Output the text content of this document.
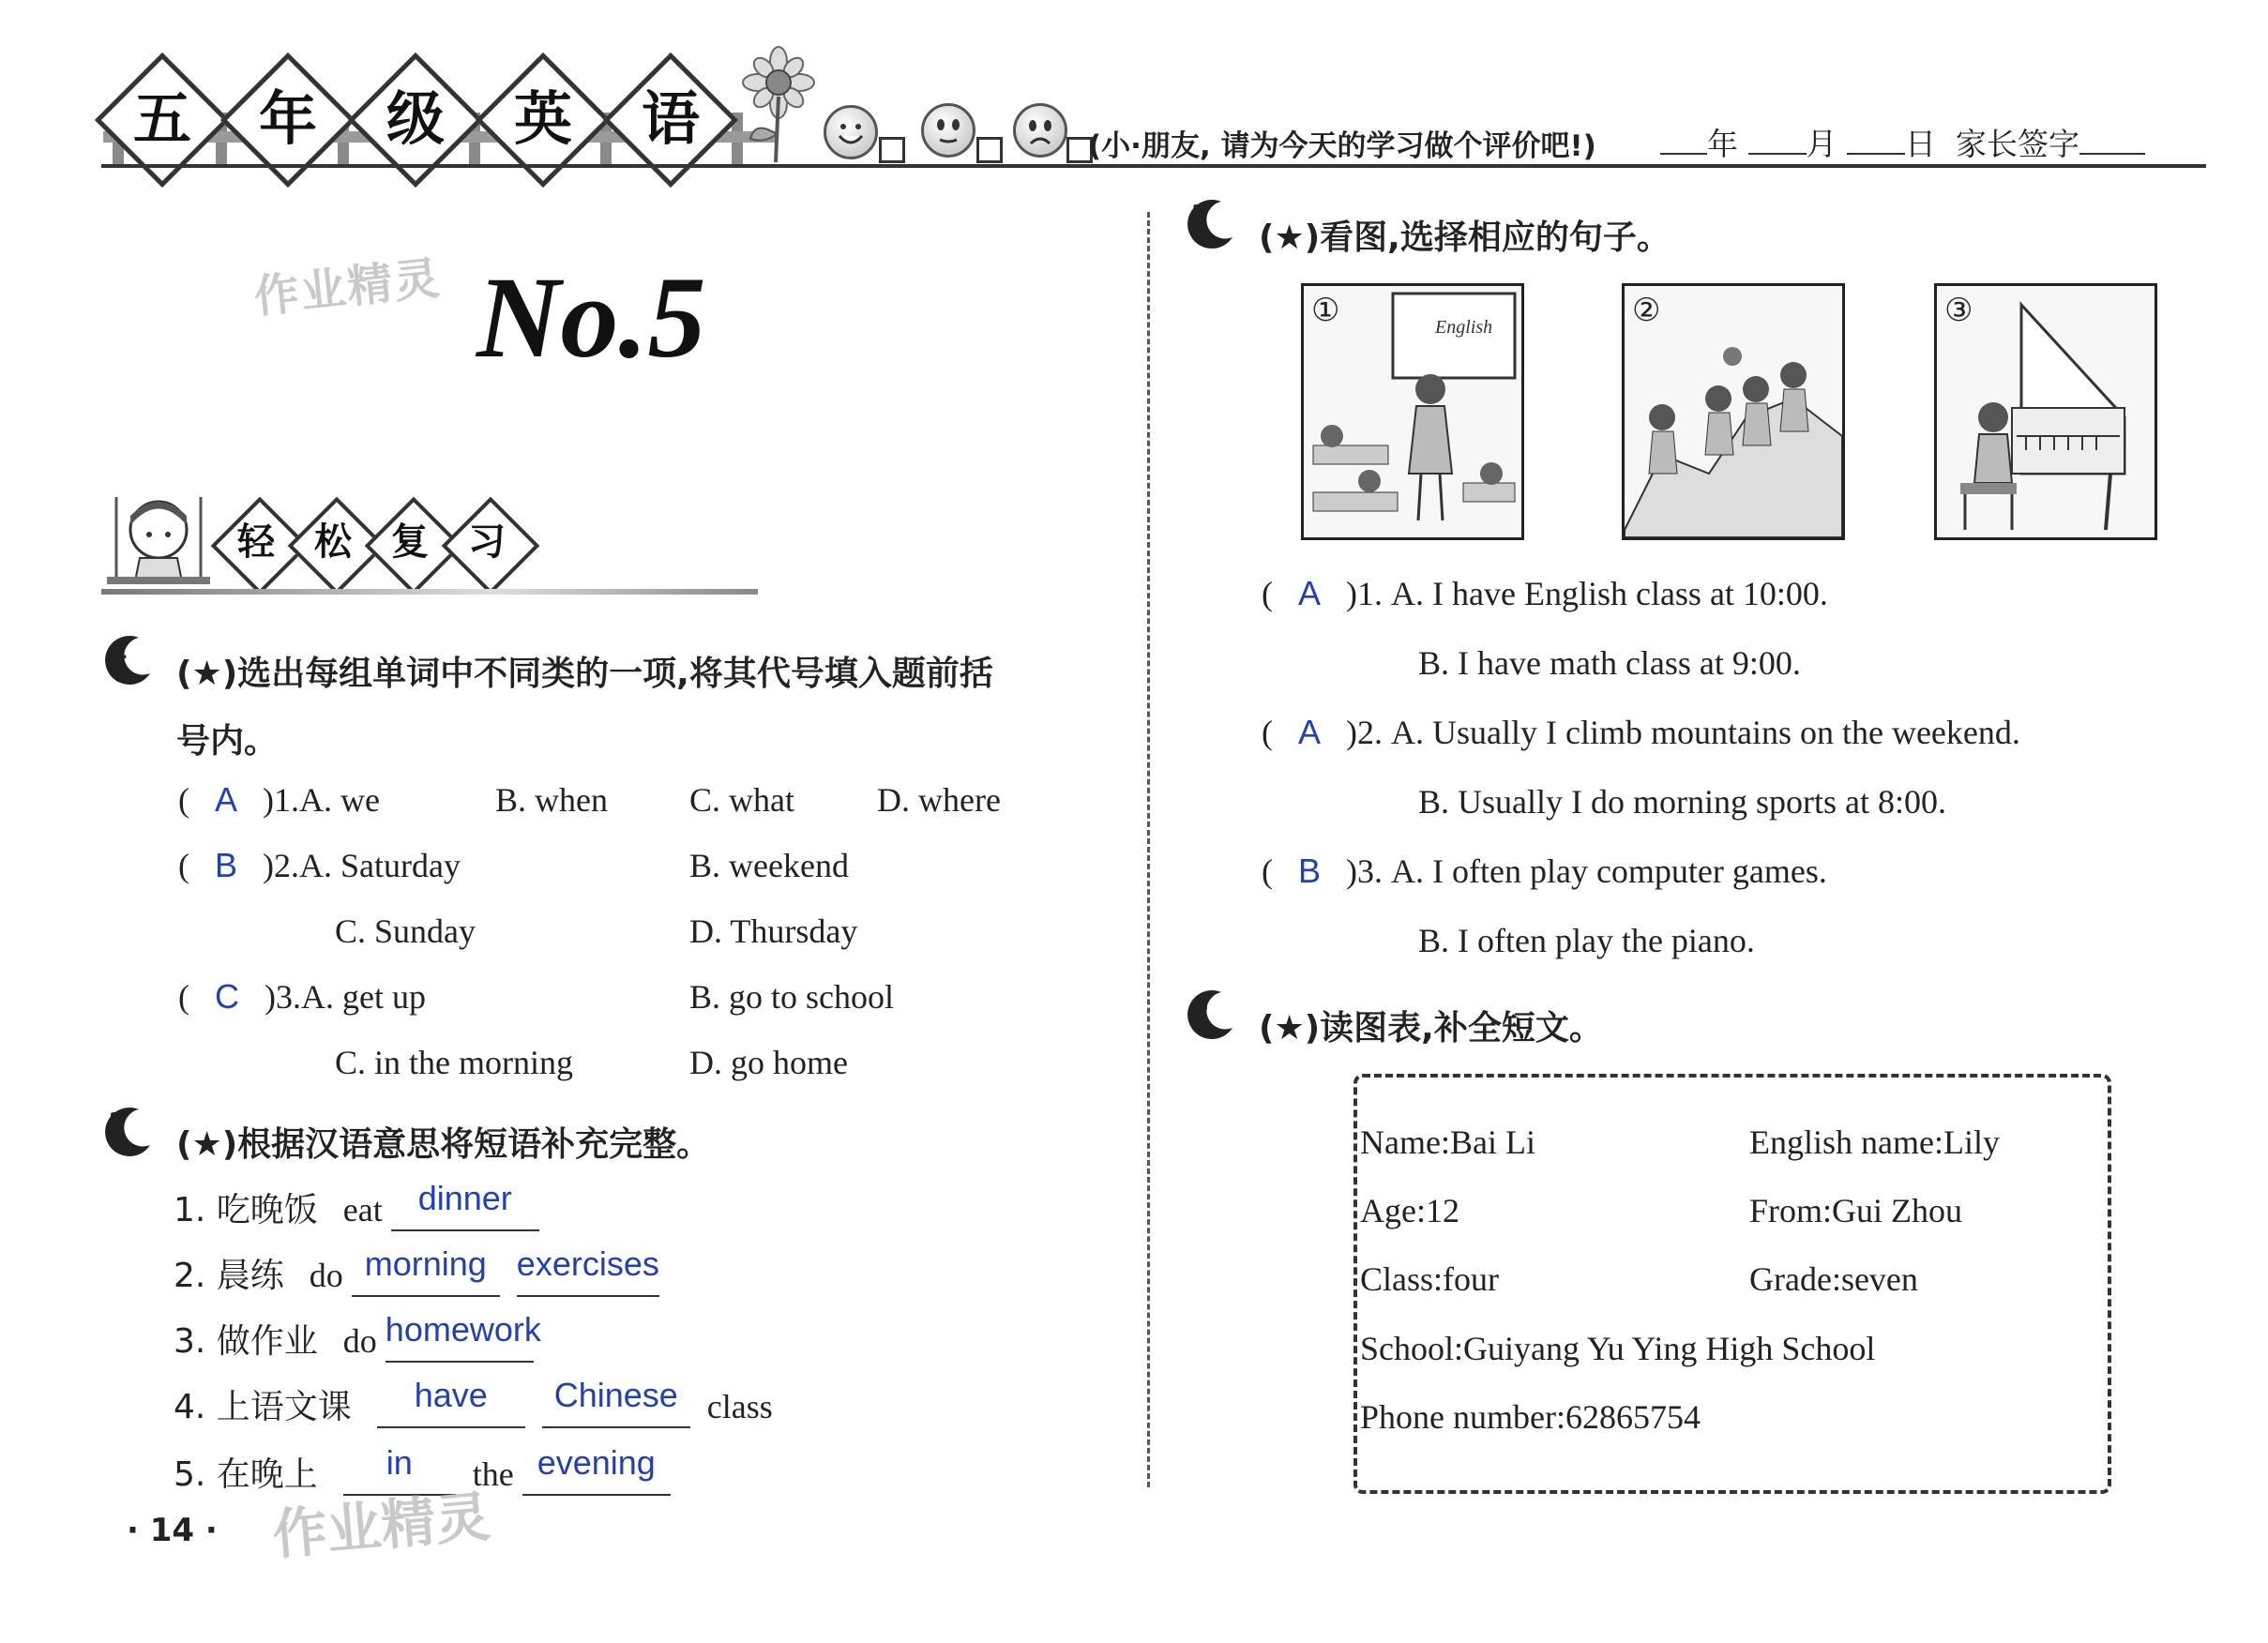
五	年	级	英	语	(小·朋友, 请为今天的学习做个评价吧!)	年 月 日 家长签字
作业精灵 No.5
轻	松	复	习
1
(★)选出每组单词中不同类的一项,将其代号填入题前括
号内。
(   A )1.A. we	B. when C. what D. where
(   B )2.A. Saturday	B. weekend
C. Sunday	D. Thursday
(   C )3.A. get up	B. go to school
C. in the morning	D. go home
2
(★)根据汉语意思将短语补充完整。
1. 吃晚饭 eat dinner
2. 晨练 do morning exercises
3. 做作业 do homework
4. 上语文课 have Chinese class
5. 在晚上 in the evening
· 14 · 作业精灵
3
(★)看图,选择相应的句子。
①	English	②	③
(   A )1. A. I have English class at 10:00.
B. I have math class at 9:00.
(   A )2. A. Usually I climb mountains on the weekend.
B. Usually I do morning sports at 8:00.
(   B )3. A. I often play computer games.
B. I often play the piano.
4
(★)读图表,补全短文。
Name:Bai Li	English name:Lily
Age:12	From:Gui Zhou
Class:four	Grade:seven
School:Guiyang Yu Ying High School
Phone number:62865754
